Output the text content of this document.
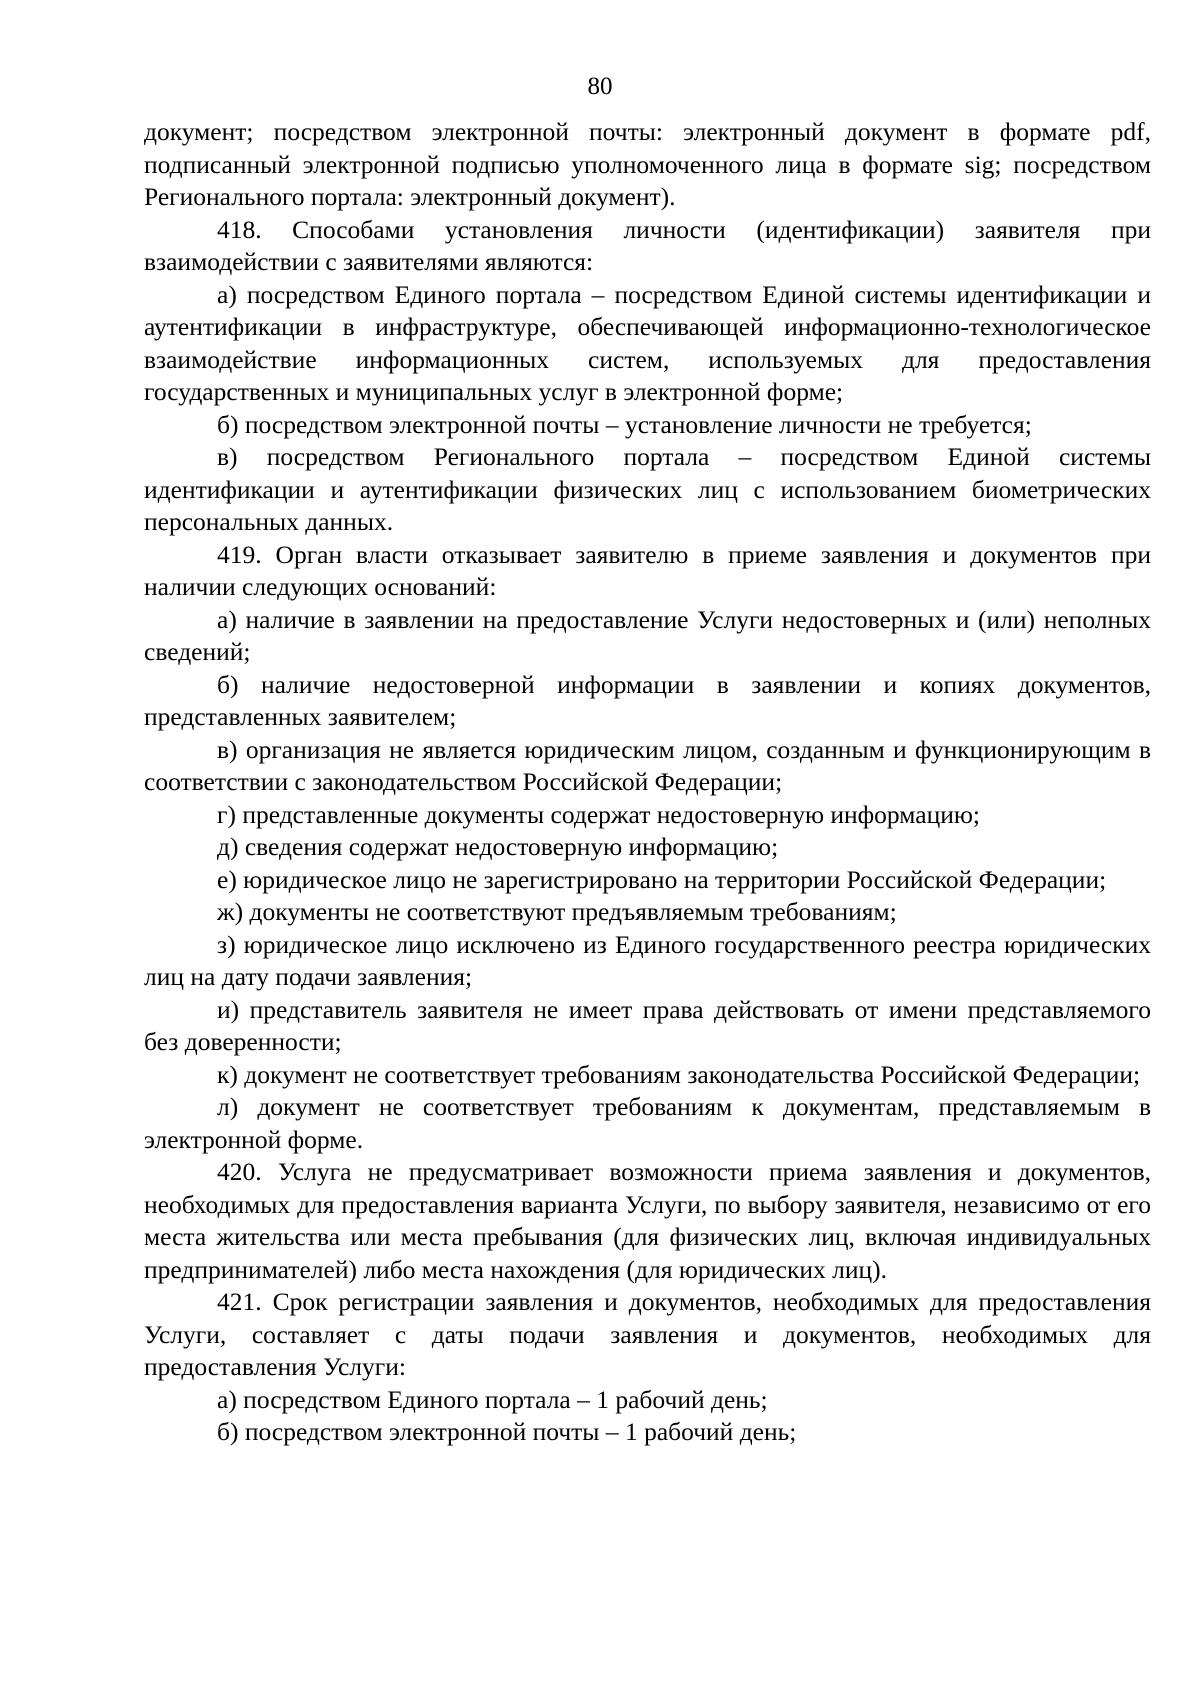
80

документ; посредством электронной почты: электронный документ в формате pdf, подписанный электронной подписью уполномоченного лица в формате sig; посредством Регионального портала: электронный документ).

418. Способами установления личности (идентификации) заявителя при взаимодействии с заявителями являются:

а) посредством Единого портала – посредством Единой системы идентификации и аутентификации в инфраструктуре, обеспечивающей информационно-технологическое взаимодействие информационных систем, используемых для предоставления государственных и муниципальных услуг в электронной форме;

б) посредством электронной почты – установление личности не требуется;

в) посредством Регионального портала – посредством Единой системы идентификации и аутентификации физических лиц с использованием биометрических персональных данных.

419. Орган власти отказывает заявителю в приеме заявления и документов при наличии следующих оснований:

а) наличие в заявлении на предоставление Услуги недостоверных и (или) неполных сведений;

б) наличие недостоверной информации в заявлении и копиях документов, представленных заявителем;

в) организация не является юридическим лицом, созданным и функционирующим в соответствии с законодательством Российской Федерации;

г) представленные документы содержат недостоверную информацию;

д) сведения содержат недостоверную информацию;

е) юридическое лицо не зарегистрировано на территории Российской Федерации;

ж) документы не соответствуют предъявляемым требованиям;

з) юридическое лицо исключено из Единого государственного реестра юридических лиц на дату подачи заявления;

и) представитель заявителя не имеет права действовать от имени представляемого без доверенности;

к) документ не соответствует требованиям законодательства Российской Федерации;

л) документ не соответствует требованиям к документам, представляемым в электронной форме.

420. Услуга не предусматривает возможности приема заявления и документов, необходимых для предоставления варианта Услуги, по выбору заявителя, независимо от его места жительства или места пребывания (для физических лиц, включая индивидуальных предпринимателей) либо места нахождения (для юридических лиц).

421. Срок регистрации заявления и документов, необходимых для предоставления Услуги, составляет с даты подачи заявления и документов, необходимых для предоставления Услуги:

а) посредством Единого портала – 1 рабочий день;

б) посредством электронной почты – 1 рабочий день;
